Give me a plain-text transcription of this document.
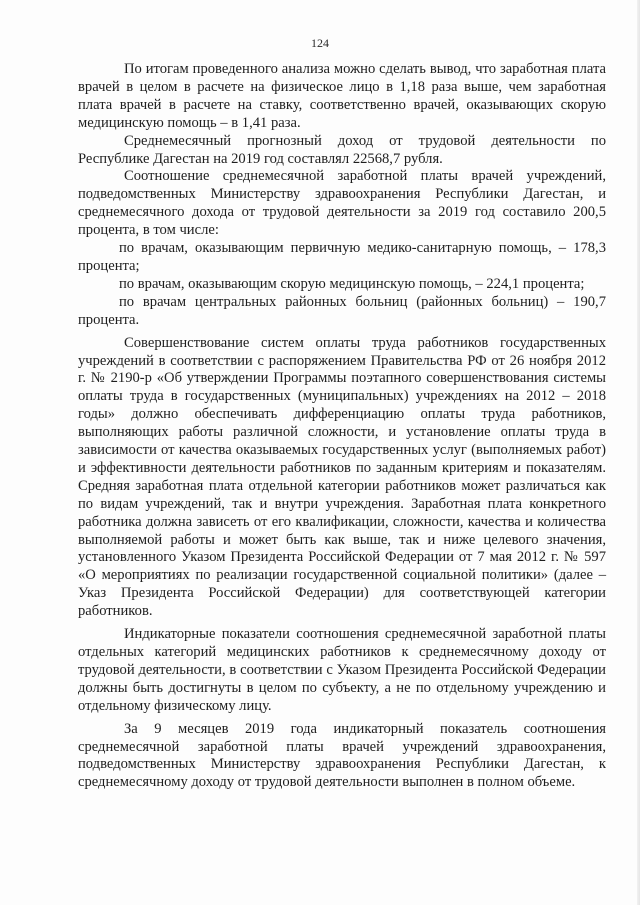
124

По итогам проведенного анализа можно сделать вывод, что заработная плата врачей в целом в расчете на физическое лицо в 1,18 раза выше, чем заработная плата врачей в расчете на ставку, соответственно врачей, оказывающих скорую медицинскую помощь – в 1,41 раза.

Среднемесячный прогнозный доход от трудовой деятельности по Республике Дагестан на 2019 год составлял 22568,7 рубля.

Соотношение среднемесячной заработной платы врачей учреждений, подведомственных Министерству здравоохранения Республики Дагестан, и среднемесячного дохода от трудовой деятельности за 2019 год составило 200,5 процента, в том числе:

по врачам, оказывающим первичную медико-санитарную помощь, – 178,3 процента;

по врачам, оказывающим скорую медицинскую помощь, – 224,1 процента;

по врачам центральных районных больниц (районных больниц) – 190,7 процента.

Совершенствование систем оплаты труда работников государственных учреждений в соответствии с распоряжением Правительства РФ от 26 ноября 2012 г. № 2190-р «Об утверждении Программы поэтапного совершенствования системы оплаты труда в государственных (муниципальных) учреждениях на 2012 – 2018 годы» должно обеспечивать дифференциацию оплаты труда работников, выполняющих работы различной сложности, и установление оплаты труда в зависимости от качества оказываемых государственных услуг (выполняемых работ) и эффективности деятельности работников по заданным критериям и показателям. Средняя заработная плата отдельной категории работников может различаться как по видам учреждений, так и внутри учреждения. Заработная плата конкретного работника должна зависеть от его квалификации, сложности, качества и количества выполняемой работы и может быть как выше, так и ниже целевого значения, установленного Указом Президента Российской Федерации от 7 мая 2012 г. № 597 «О мероприятиях по реализации государственной социальной политики» (далее – Указ Президента Российской Федерации) для соответствующей категории работников.

Индикаторные показатели соотношения среднемесячной заработной платы отдельных категорий медицинских работников к среднемесячному доходу от трудовой деятельности, в соответствии с Указом Президента Российской Федерации должны быть достигнуты в целом по субъекту, а не по отдельному учреждению и отдельному физическому лицу.

За 9 месяцев 2019 года индикаторный показатель соотношения среднемесячной заработной платы врачей учреждений здравоохранения, подведомственных Министерству здравоохранения Республики Дагестан, к среднемесячному доходу от трудовой деятельности выполнен в полном объеме.
